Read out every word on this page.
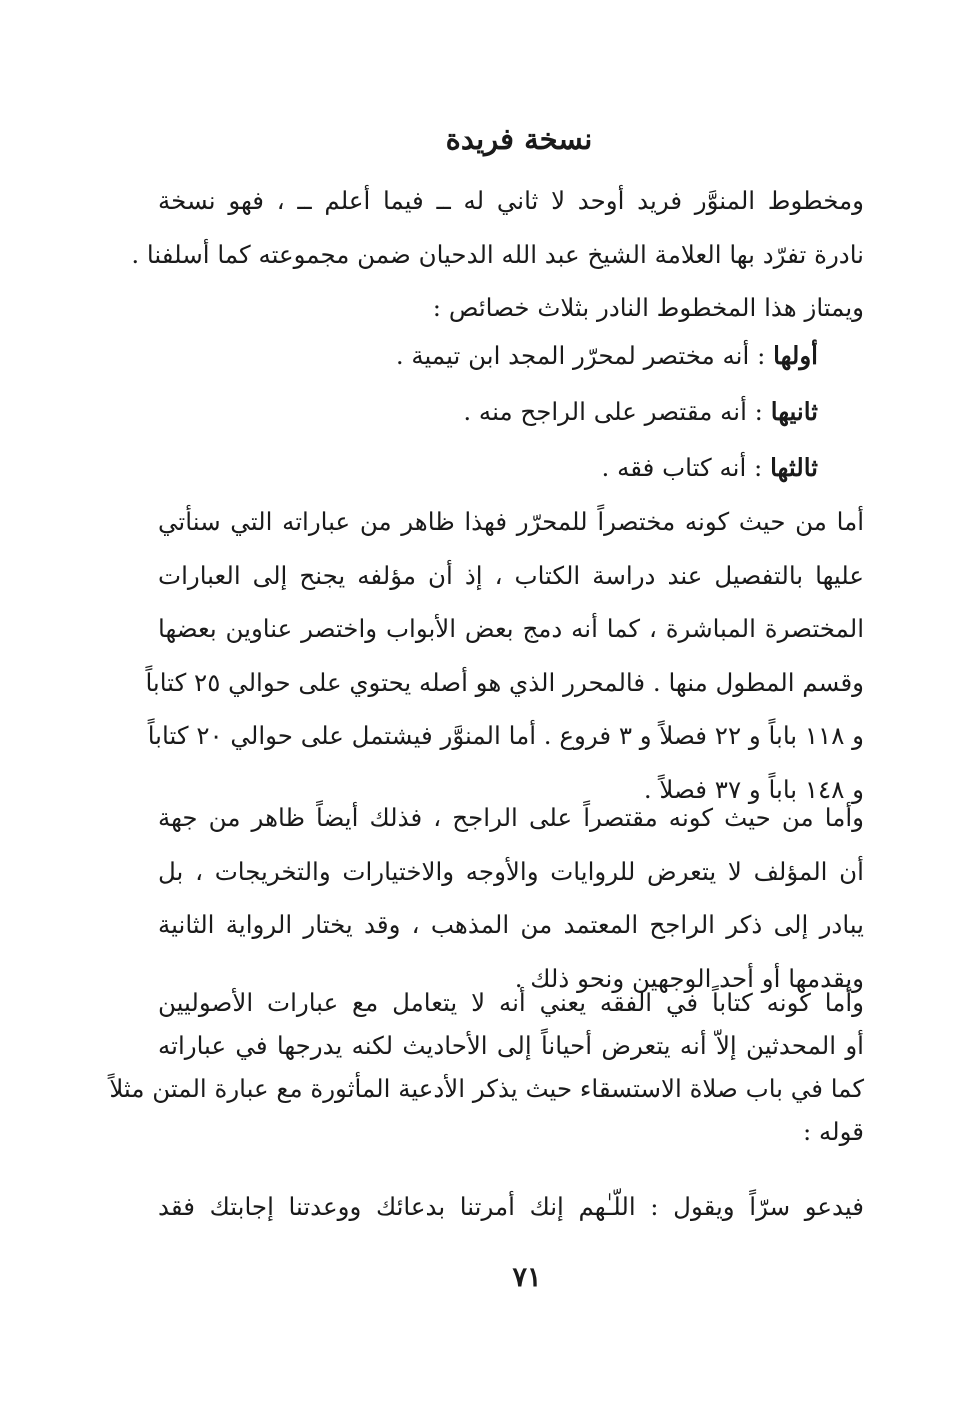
نسخة فريدة
ومخطوط المنوَّر فريد أوحد لا ثاني له ــ فيما أعلم ــ ، فهو نسخة
نادرة تفرّد بها العلامة الشيخ عبد الله الدحيان ضمن مجموعته كما أسلفنا .
ويمتاز هذا المخطوط النادر بثلاث خصائص :
أولها : أنه مختصر لمحرّر المجد ابن تيمية .
ثانيها : أنه مقتصر على الراجح منه .
ثالثها : أنه كتاب فقه .
أما من حيث كونه مختصراً للمحرّر فهذا ظاهر من عباراته التي سنأتي
عليها بالتفصيل عند دراسة الكتاب ، إذ أن مؤلفه يجنح إلى العبارات
المختصرة المباشرة ، كما أنه دمج بعض الأبواب واختصر عناوين بعضها
وقسم المطول منها . فالمحرر الذي هو أصله يحتوي على حوالي ٢٥ كتاباً
و ١١٨ باباً و ٢٢ فصلاً و ٣ فروع . أما المنوَّر فيشتمل على حوالي ٢٠ كتاباً
و ١٤٨ باباً و ٣٧ فصلاً .
وأما من حيث كونه مقتصراً على الراجح ، فذلك أيضاً ظاهر من جهة
أن المؤلف لا يتعرض للروايات والأوجه والاختيارات والتخريجات ، بل
يبادر إلى ذكر الراجح المعتمد من المذهب ، وقد يختار الرواية الثانية
ويقدمها أو أحد الوجهين ونحو ذلك .
وأما كونه كتاباً في الفقه يعني أنه لا يتعامل مع عبارات الأصوليين
أو المحدثين إلاّ أنه يتعرض أحياناً إلى الأحاديث لكنه يدرجها في عباراته
كما في باب صلاة الاستسقاء حيث يذكر الأدعية المأثورة مع عبارة المتن مثلاً
قوله :
فيدعو سرّاً ويقول : اللّـٰهم إنك أمرتنا بدعائك ووعدتنا إجابتك فقد
٧١
